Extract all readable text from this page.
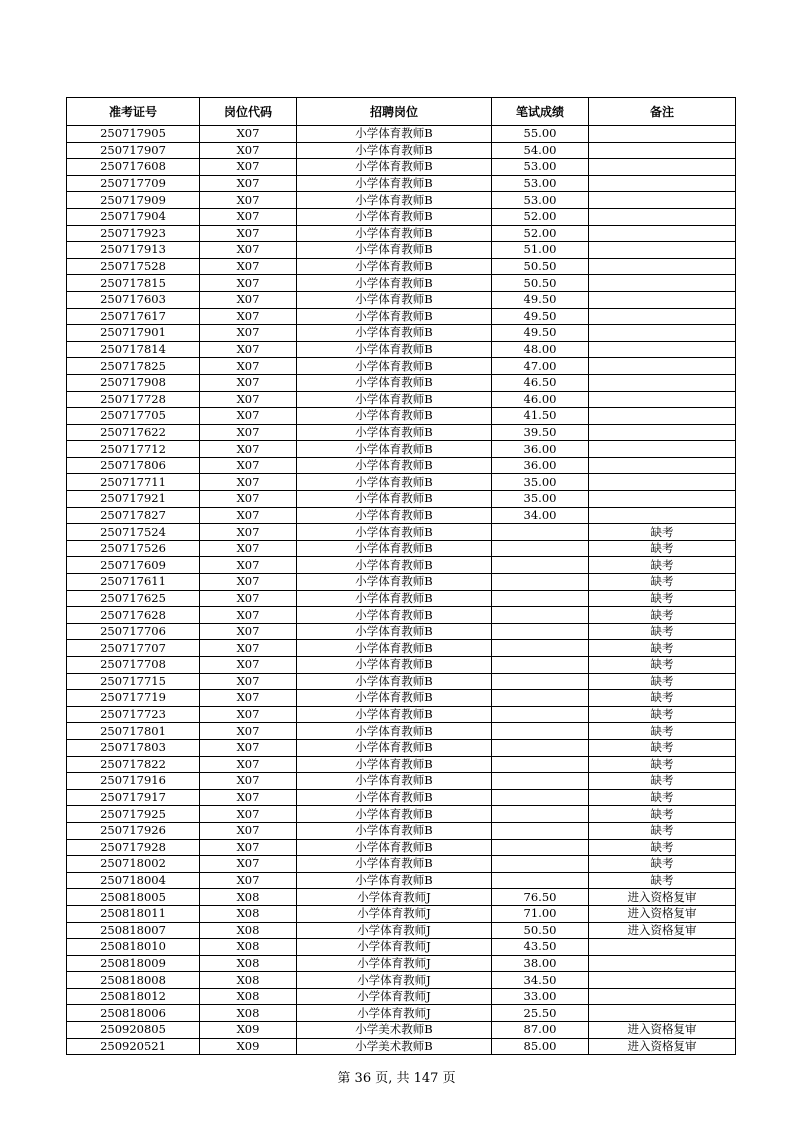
准考证号	岗位代码	招聘岗位	笔试成绩	备注
250717905	X07	小学体育教师B	55.00	
250717907	X07	小学体育教师B	54.00	
250717608	X07	小学体育教师B	53.00	
250717709	X07	小学体育教师B	53.00	
250717909	X07	小学体育教师B	53.00	
250717904	X07	小学体育教师B	52.00	
250717923	X07	小学体育教师B	52.00	
250717913	X07	小学体育教师B	51.00	
250717528	X07	小学体育教师B	50.50	
250717815	X07	小学体育教师B	50.50	
250717603	X07	小学体育教师B	49.50	
250717617	X07	小学体育教师B	49.50	
250717901	X07	小学体育教师B	49.50	
250717814	X07	小学体育教师B	48.00	
250717825	X07	小学体育教师B	47.00	
250717908	X07	小学体育教师B	46.50	
250717728	X07	小学体育教师B	46.00	
250717705	X07	小学体育教师B	41.50	
250717622	X07	小学体育教师B	39.50	
250717712	X07	小学体育教师B	36.00	
250717806	X07	小学体育教师B	36.00	
250717711	X07	小学体育教师B	35.00	
250717921	X07	小学体育教师B	35.00	
250717827	X07	小学体育教师B	34.00	
250717524	X07	小学体育教师B		缺考
250717526	X07	小学体育教师B		缺考
250717609	X07	小学体育教师B		缺考
250717611	X07	小学体育教师B		缺考
250717625	X07	小学体育教师B		缺考
250717628	X07	小学体育教师B		缺考
250717706	X07	小学体育教师B		缺考
250717707	X07	小学体育教师B		缺考
250717708	X07	小学体育教师B		缺考
250717715	X07	小学体育教师B		缺考
250717719	X07	小学体育教师B		缺考
250717723	X07	小学体育教师B		缺考
250717801	X07	小学体育教师B		缺考
250717803	X07	小学体育教师B		缺考
250717822	X07	小学体育教师B		缺考
250717916	X07	小学体育教师B		缺考
250717917	X07	小学体育教师B		缺考
250717925	X07	小学体育教师B		缺考
250717926	X07	小学体育教师B		缺考
250717928	X07	小学体育教师B		缺考
250718002	X07	小学体育教师B		缺考
250718004	X07	小学体育教师B		缺考
250818005	X08	小学体育教师J	76.50	进入资格复审
250818011	X08	小学体育教师J	71.00	进入资格复审
250818007	X08	小学体育教师J	50.50	进入资格复审
250818010	X08	小学体育教师J	43.50	
250818009	X08	小学体育教师J	38.00	
250818008	X08	小学体育教师J	34.50	
250818012	X08	小学体育教师J	33.00	
250818006	X08	小学体育教师J	25.50	
250920805	X09	小学美术教师B	87.00	进入资格复审
250920521	X09	小学美术教师B	85.00	进入资格复审
第 36 页, 共 147 页
